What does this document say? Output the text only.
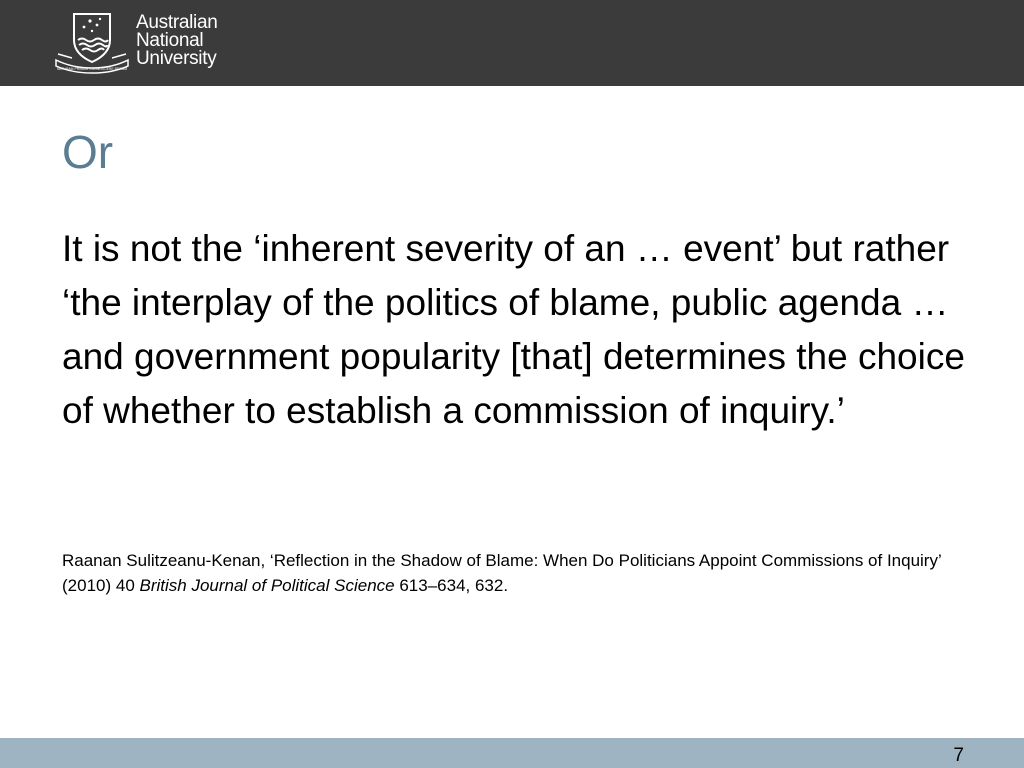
NATURAM PRIMUM COGNOSCERE RERUM
Australian
National
University
Or

It is not the ‘inherent severity of an … event’ but rather ‘the interplay of the politics of blame, public agenda … and government popularity [that] determines the choice of whether to establish a commission of inquiry.’

Raanan Sulitzeanu-Kenan, ‘Reflection in the Shadow of Blame: When Do Politicians Appoint Commissions of Inquiry’ (2010) 40 British Journal of Political Science 613–634, 632.
7
